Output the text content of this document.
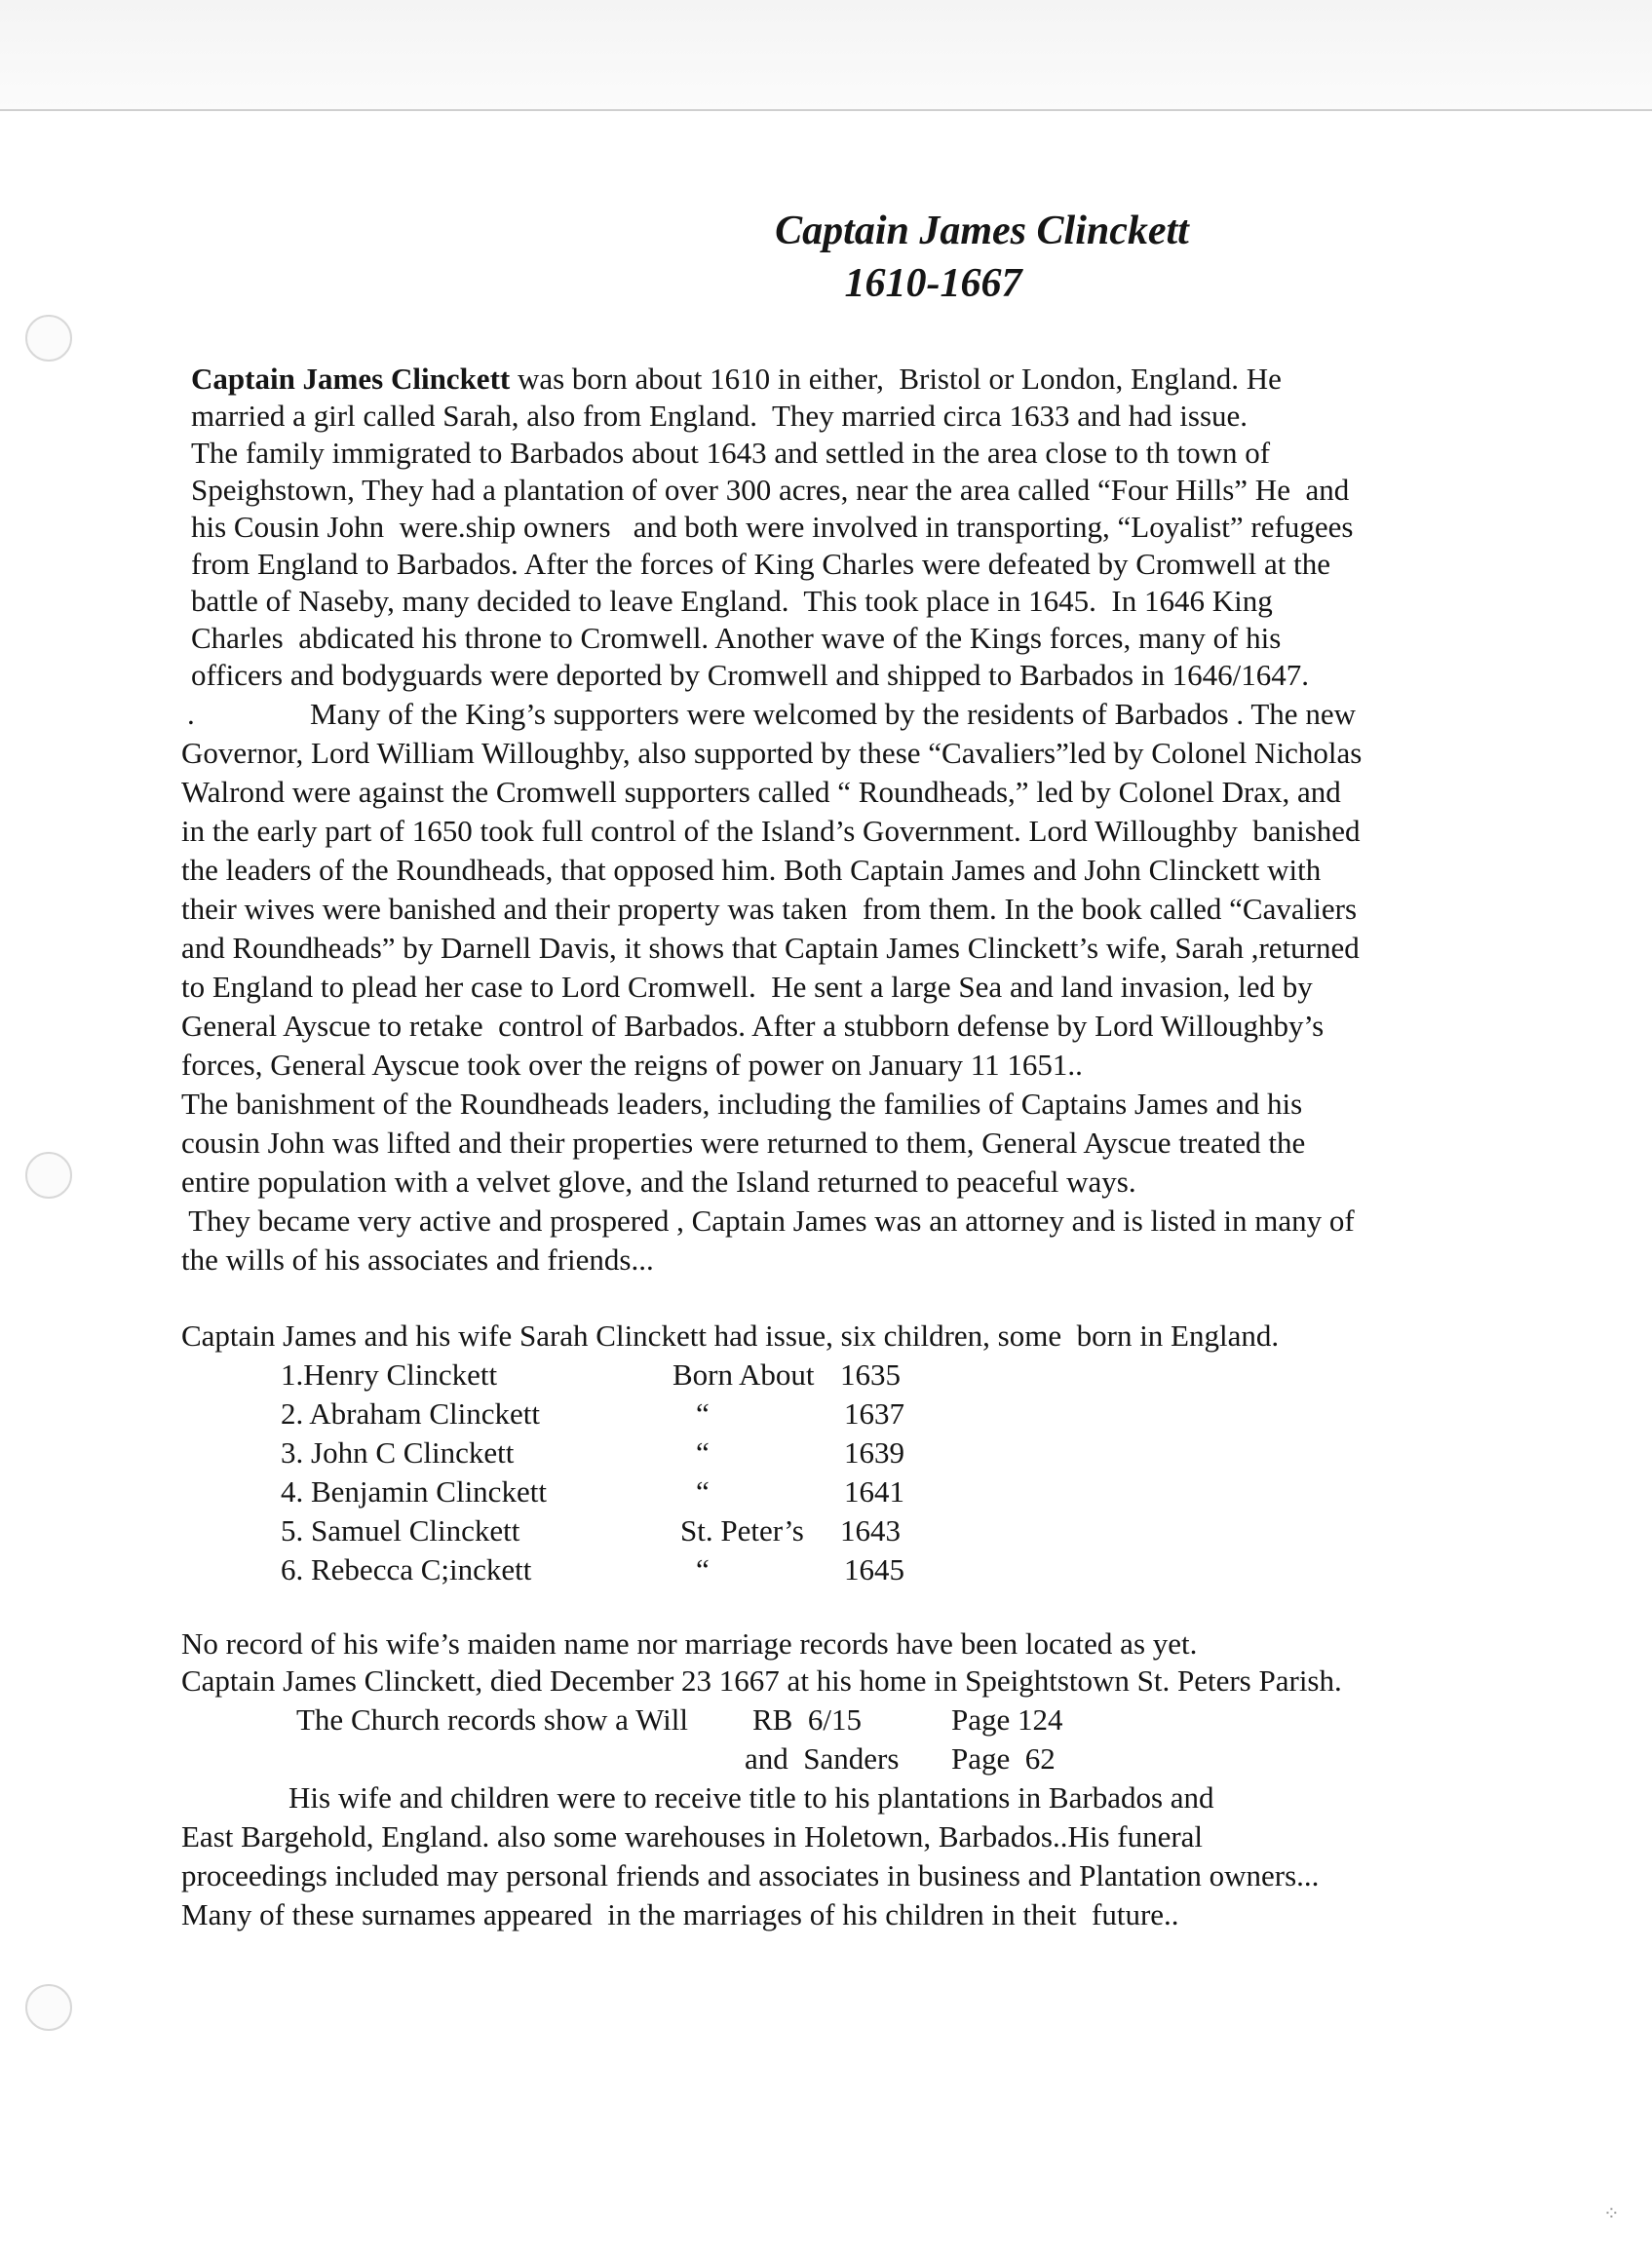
Captain James Clinckett
1610-1667
Captain James Clinckett was born about 1610 in either,  Bristol or London, England. He
married a girl called Sarah, also from England.  They married circa 1633 and had issue.
The family immigrated to Barbados about 1643 and settled in the area close to th town of
Speighstown, They had a plantation of over 300 acres, near the area called “Four Hills” He  and
his Cousin John  were.ship owners   and both were involved in transporting, “Loyalist” refugees
from England to Barbados. After the forces of King Charles were defeated by Cromwell at the
battle of Naseby, many decided to leave England.  This took place in 1645.  In 1646 King
Charles  abdicated his throne to Cromwell. Another wave of the Kings forces, many of his
officers and bodyguards were deported by Cromwell and shipped to Barbados in 1646/1647.
.	Many of the King’s supporters were welcomed by the residents of Barbados . The new
Governor, Lord William Willoughby, also supported by these “Cavaliers”led by Colonel Nicholas
Walrond were against the Cromwell supporters called “ Roundheads,” led by Colonel Drax, and
in the early part of 1650 took full control of the Island’s Government. Lord Willoughby  banished
the leaders of the Roundheads, that opposed him. Both Captain James and John Clinckett with
their wives were banished and their property was taken  from them. In the book called “Cavaliers
and Roundheads” by Darnell Davis, it shows that Captain James Clinckett’s wife, Sarah ,returned
to England to plead her case to Lord Cromwell.  He sent a large Sea and land invasion, led by
General Ayscue to retake  control of Barbados. After a stubborn defense by Lord Willoughby’s
forces, General Ayscue took over the reigns of power on January 11 1651..
The banishment of the Roundheads leaders, including the families of Captains James and his
cousin John was lifted and their properties were returned to them, General Ayscue treated the
entire population with a velvet glove, and the Island returned to peaceful ways.
They became very active and prospered , Captain James was an attorney and is listed in many of
the wills of his associates and friends...
Captain James and his wife Sarah Clinckett had issue, six children, some  born in England.
1.Henry Clinckett	Born About 1635
2. Abraham Clinckett	“	1637
3. John C Clinckett	“	1639
4. Benjamin Clinckett	“	1641
5. Samuel Clinckett	St. Peter’s 1643
6. Rebecca C;inckett	“	1645
No record of his wife’s maiden name nor marriage records have been located as yet.
Captain James Clinckett, died December 23 1667 at his home in Speightstown St. Peters Parish.
The Church records show a Will RB  6/15	Page 124
and  Sanders Page  62
His wife and children were to receive title to his plantations in Barbados and
East Bargehold, England. also some warehouses in Holetown, Barbados..His funeral
proceedings included may personal friends and associates in business and Plantation owners...
Many of these surnames appeared  in the marriages of his children in theit  future..
⁘
